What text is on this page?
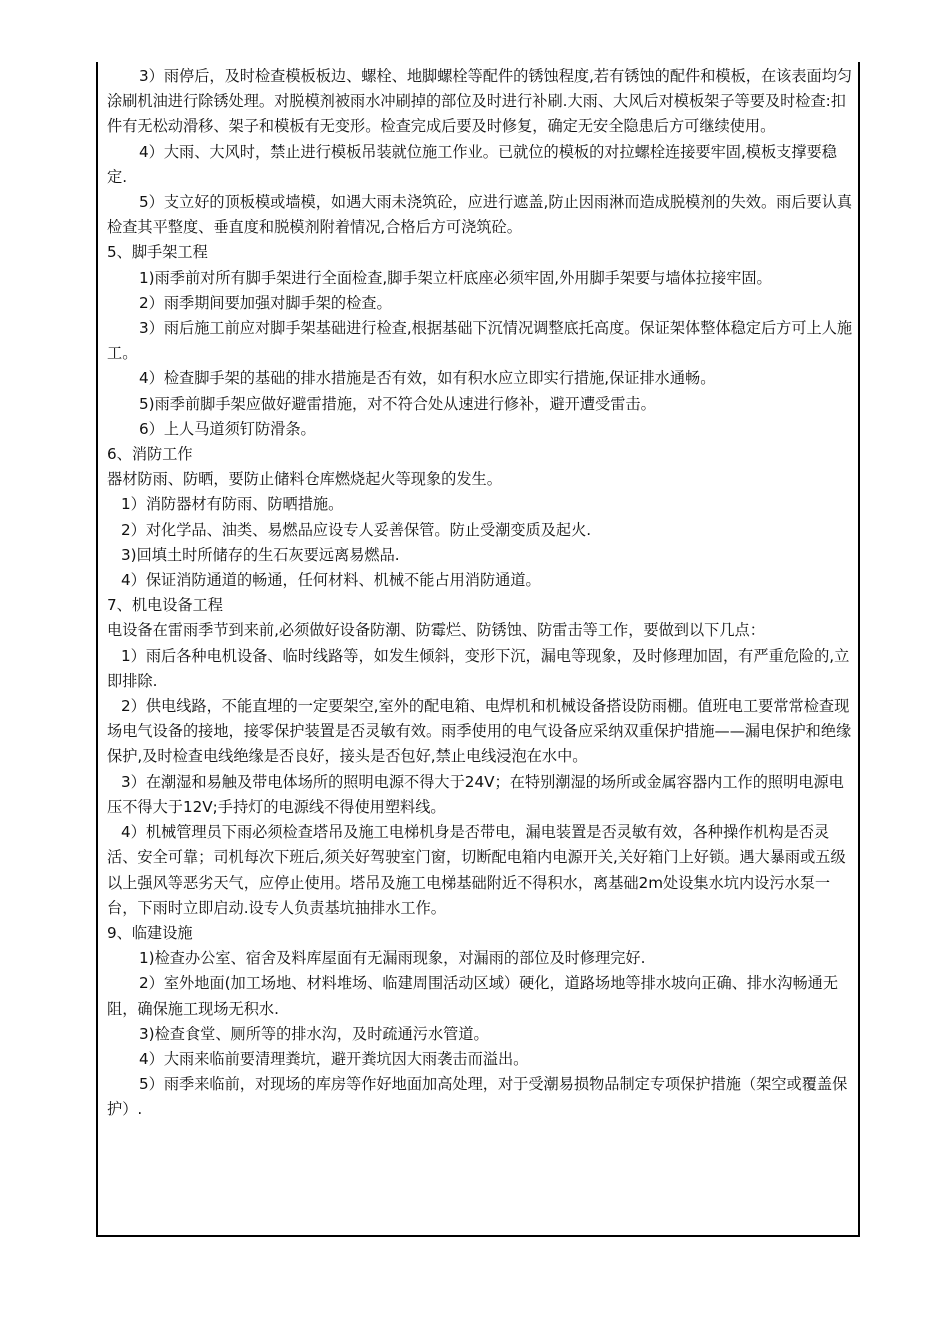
3）雨停后，及时检查模板板边、螺栓、地脚螺栓等配件的锈蚀程度,若有锈蚀的配件和模板，在该表面均匀涂刷机油进行除锈处理。对脱模剂被雨水冲刷掉的部位及时进行补刷.大雨、大风后对模板架子等要及时检查:扣件有无松动滑移、架子和模板有无变形。检查完成后要及时修复，确定无安全隐患后方可继续使用。

4）大雨、大风时，禁止进行模板吊装就位施工作业。已就位的模板的对拉螺栓连接要牢固,模板支撑要稳定.

5）支立好的顶板模或墙模，如遇大雨未浇筑砼，应进行遮盖,防止因雨淋而造成脱模剂的失效。雨后要认真检查其平整度、垂直度和脱模剂附着情况,合格后方可浇筑砼。

5、脚手架工程

1)雨季前对所有脚手架进行全面检查,脚手架立杆底座必须牢固,外用脚手架要与墙体拉接牢固。

2）雨季期间要加强对脚手架的检查。

3）雨后施工前应对脚手架基础进行检查,根据基础下沉情况调整底托高度。保证架体整体稳定后方可上人施工。

4）检查脚手架的基础的排水措施是否有效，如有积水应立即实行措施,保证排水通畅。

5)雨季前脚手架应做好避雷措施，对不符合处从速进行修补，避开遭受雷击。

6）上人马道须钉防滑条。

6、消防工作

器材防雨、防晒，要防止储料仓库燃烧起火等现象的发生。

1）消防器材有防雨、防晒措施。

2）对化学品、油类、易燃品应设专人妥善保管。防止受潮变质及起火.

3)回填土时所储存的生石灰要远离易燃品.

4）保证消防通道的畅通，任何材料、机械不能占用消防通道。

7、机电设备工程

电设备在雷雨季节到来前,必须做好设备防潮、防霉烂、防锈蚀、防雷击等工作，要做到以下几点：

1）雨后各种电机设备、临时线路等，如发生倾斜，变形下沉，漏电等现象，及时修理加固，有严重危险的,立即排除.

2）供电线路，不能直埋的一定要架空,室外的配电箱、电焊机和机械设备搭设防雨棚。值班电工要常常检查现场电气设备的接地，接零保护装置是否灵敏有效。雨季使用的电气设备应采纳双重保护措施——漏电保护和绝缘保护,及时检查电线绝缘是否良好，接头是否包好,禁止电线浸泡在水中。

3）在潮湿和易触及带电体场所的照明电源不得大于24V；在特别潮湿的场所或金属容器内工作的照明电源电压不得大于12V;手持灯的电源线不得使用塑料线。

4）机械管理员下雨必须检查塔吊及施工电梯机身是否带电，漏电装置是否灵敏有效，各种操作机构是否灵活、安全可靠；司机每次下班后,须关好驾驶室门窗，切断配电箱内电源开关,关好箱门上好锁。遇大暴雨或五级以上强风等恶劣天气，应停止使用。塔吊及施工电梯基础附近不得积水，离基础2m处设集水坑内设污水泵一台，下雨时立即启动.设专人负责基坑抽排水工作。

9、临建设施

1)检查办公室、宿舍及料库屋面有无漏雨现象，对漏雨的部位及时修理完好.

2）室外地面(加工场地、材料堆场、临建周围活动区域）硬化，道路场地等排水坡向正确、排水沟畅通无阻，确保施工现场无积水.

3)检查食堂、厕所等的排水沟，及时疏通污水管道。

4）大雨来临前要清理粪坑，避开粪坑因大雨袭击而溢出。

5）雨季来临前，对现场的库房等作好地面加高处理，对于受潮易损物品制定专项保护措施（架空或覆盖保护）.
